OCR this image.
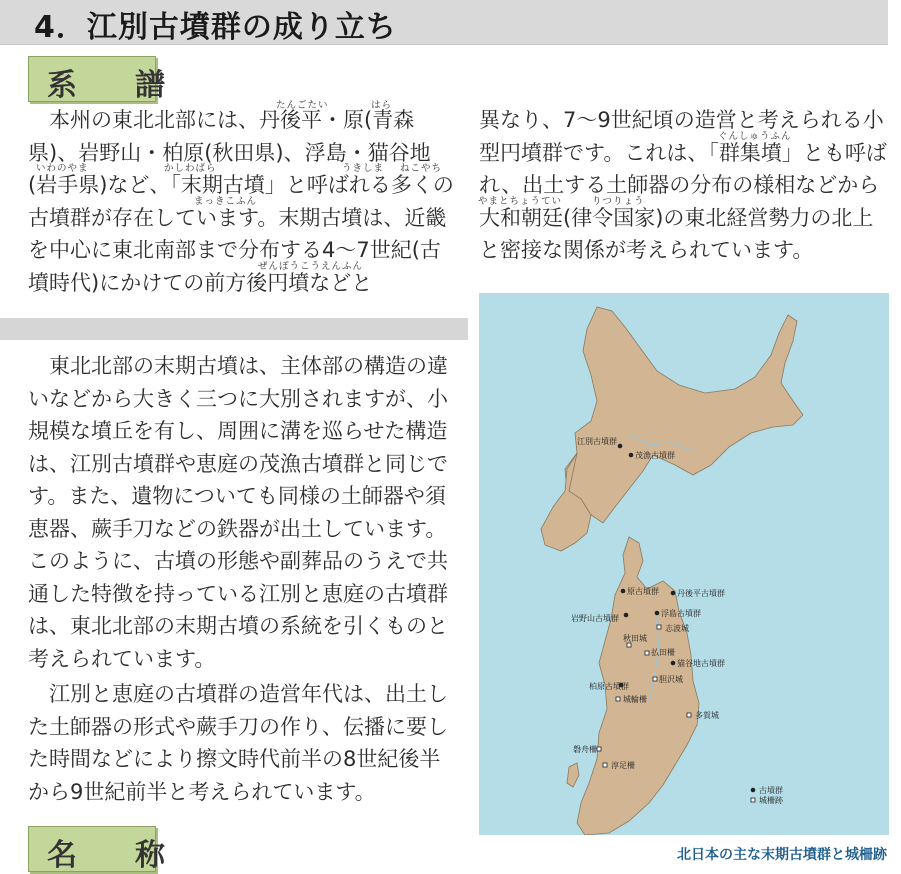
4．江別古墳群の成り立ち
系　譜
たんごたい	はら
いわのやま	かしわばら	うきしま ねこやち
まっきこふん
ぜんぽうこうえんふん
ぐんしゅうふん
やまとちょうてい	りつりょう

　本州の東北北部には、丹後平・原(青森県)、岩野山・柏原(秋田県)、浮島・猫谷地(岩手県)など、「末期古墳」と呼ばれる多くの古墳群が存在しています。末期古墳は、近畿を中心に東北南部まで分布する4～7世紀(古墳時代)にかけての前方後円墳などと

異なり、7～9世紀頃の造営と考えられる小
型円墳群です。これは、「群集墳」とも呼ば
れ、出土する土師器の分布の様相などから
大和朝廷(律令国家)の東北経営勢力の北上
と密接な関係が考えられています。

　東北北部の末期古墳は、主体部の構造の違いなどから大きく三つに大別されますが、小規模な墳丘を有し、周囲に溝を巡らせた構造は、江別古墳群や恵庭の茂漁古墳群と同じです。また、遺物についても同様の土師器や須恵器、蕨手刀などの鉄器が出土しています。このように、古墳の形態や副葬品のうえで共通した特徴を持っている江別と恵庭の古墳群は、東北北部の末期古墳の系統を引くものと考えられています。

　江別と恵庭の古墳群の造営年代は、出土した土師器の形式や蕨手刀の作り、伝播に要した時間などにより擦文時代前半の8世紀後半から9世紀前半と考えられています。

名　称
江別古墳群
茂漁古墳群
原古墳群 丹後平古墳群
岩野山古墳群
浮島古墳群
志波城
秋田城
払田柵
猫谷地古墳群
胆沢城
柏原古墳群
城輪柵
多賀城
磐舟柵
淳足柵
古墳群
城柵跡
北日本の主な末期古墳群と城柵跡
